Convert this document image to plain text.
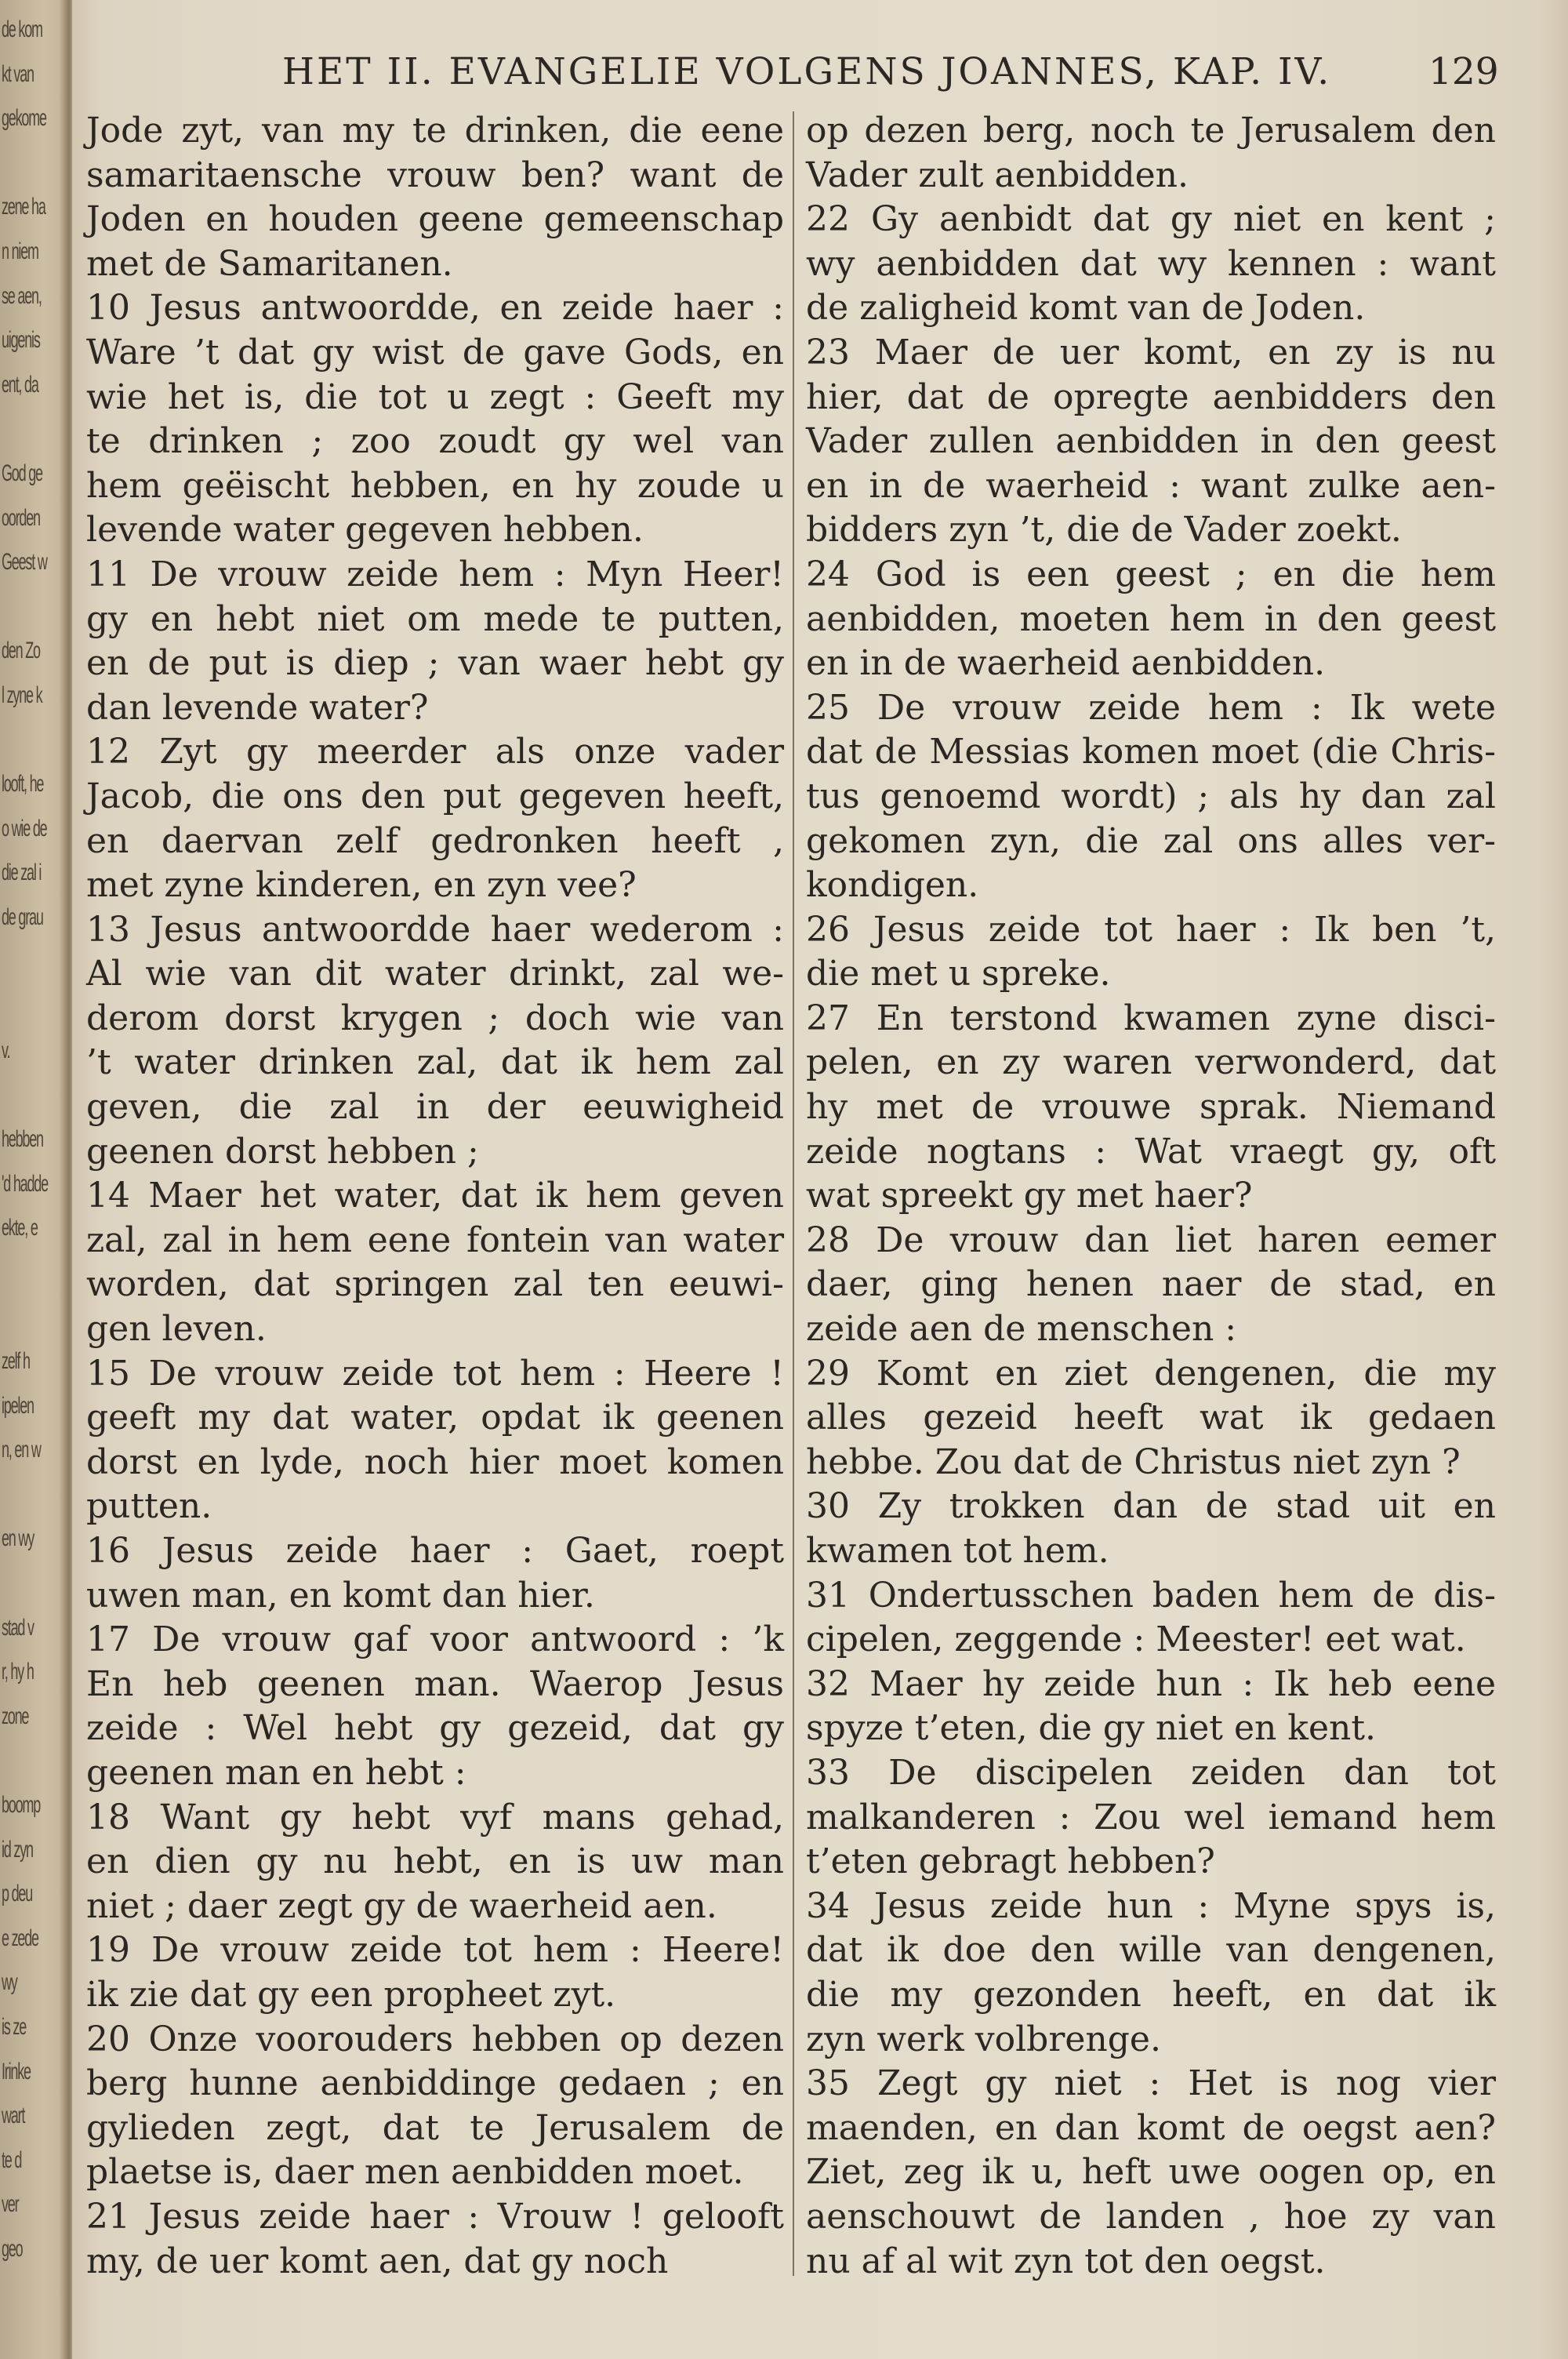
de kom
kt van
gekome
zene ha
n niem
se aen,
uigenis
ent, da
God ge
oorden
Geest w
den Zo
l zyne k
looft, he
o wie de
die zal i
de grau
v.
hebben
'd hadde
ekte, e
zelf h
ipelen
n, en w
en wy
stad v
r, hy h
zone
boomp
id zyn
p deu
e zede
wy
is ze
Irinke
wart
te d
ver
geo
HET II. EVANGELIE VOLGENS JOANNES, KAP. IV.	129
Jode zyt, van my te drinken, die eene
samaritaensche vrouw ben? want de
Joden en houden geene gemeenschap
met de Samaritanen.
10 Jesus antwoordde, en zeide haer :
Ware ’t dat gy wist de gave Gods, en
wie het is, die tot u zegt : Geeft my
te drinken ; zoo zoudt gy wel van
hem geëischt hebben, en hy zoude u
levende water gegeven hebben.
11 De vrouw zeide hem : Myn Heer!
gy en hebt niet om mede te putten,
en de put is diep ; van waer hebt gy
dan levende water?
12 Zyt gy meerder als onze vader
Jacob, die ons den put gegeven heeft,
en daervan zelf gedronken heeft ,
met zyne kinderen, en zyn vee?
13 Jesus antwoordde haer wederom :
Al wie van dit water drinkt, zal we-
derom dorst krygen ; doch wie van
’t water drinken zal, dat ik hem zal
geven, die zal in der eeuwigheid
geenen dorst hebben ;
14 Maer het water, dat ik hem geven
zal, zal in hem eene fontein van water
worden, dat springen zal ten eeuwi-
gen leven.
15 De vrouw zeide tot hem : Heere !
geeft my dat water, opdat ik geenen
dorst en lyde, noch hier moet komen
putten.
16 Jesus zeide haer : Gaet, roept
uwen man, en komt dan hier.
17 De vrouw gaf voor antwoord : ’k
En heb geenen man. Waerop Jesus
zeide : Wel hebt gy gezeid, dat gy
geenen man en hebt :
18 Want gy hebt vyf mans gehad,
en dien gy nu hebt, en is uw man
niet ; daer zegt gy de waerheid aen.
19 De vrouw zeide tot hem : Heere!
ik zie dat gy een propheet zyt.
20 Onze voorouders hebben op dezen
berg hunne aenbiddinge gedaen ; en
gylieden zegt, dat te Jerusalem de
plaetse is, daer men aenbidden moet.
21 Jesus zeide haer : Vrouw ! gelooft
my, de uer komt aen, dat gy noch
op dezen berg, noch te Jerusalem den
Vader zult aenbidden.
22 Gy aenbidt dat gy niet en kent ;
wy aenbidden dat wy kennen : want
de zaligheid komt van de Joden.
23 Maer de uer komt, en zy is nu
hier, dat de opregte aenbidders den
Vader zullen aenbidden in den geest
en in de waerheid : want zulke aen-
bidders zyn ’t, die de Vader zoekt.
24 God is een geest ; en die hem
aenbidden, moeten hem in den geest
en in de waerheid aenbidden.
25 De vrouw zeide hem : Ik wete
dat de Messias komen moet (die Chris-
tus genoemd wordt) ; als hy dan zal
gekomen zyn, die zal ons alles ver-
kondigen.
26 Jesus zeide tot haer : Ik ben ’t,
die met u spreke.
27 En terstond kwamen zyne disci-
pelen, en zy waren verwonderd, dat
hy met de vrouwe sprak. Niemand
zeide nogtans : Wat vraegt gy, oft
wat spreekt gy met haer?
28 De vrouw dan liet haren eemer
daer, ging henen naer de stad, en
zeide aen de menschen :
29 Komt en ziet dengenen, die my
alles gezeid heeft wat ik gedaen
hebbe. Zou dat de Christus niet zyn ?
30 Zy trokken dan de stad uit en
kwamen tot hem.
31 Ondertusschen baden hem de dis-
cipelen, zeggende : Meester! eet wat.
32 Maer hy zeide hun : Ik heb eene
spyze t’eten, die gy niet en kent.
33 De discipelen zeiden dan tot
malkanderen : Zou wel iemand hem
t’eten gebragt hebben?
34 Jesus zeide hun : Myne spys is,
dat ik doe den wille van dengenen,
die my gezonden heeft, en dat ik
zyn werk volbrenge.
35 Zegt gy niet : Het is nog vier
maenden, en dan komt de oegst aen?
Ziet, zeg ik u, heft uwe oogen op, en
aenschouwt de landen , hoe zy van
nu af al wit zyn tot den oegst.
